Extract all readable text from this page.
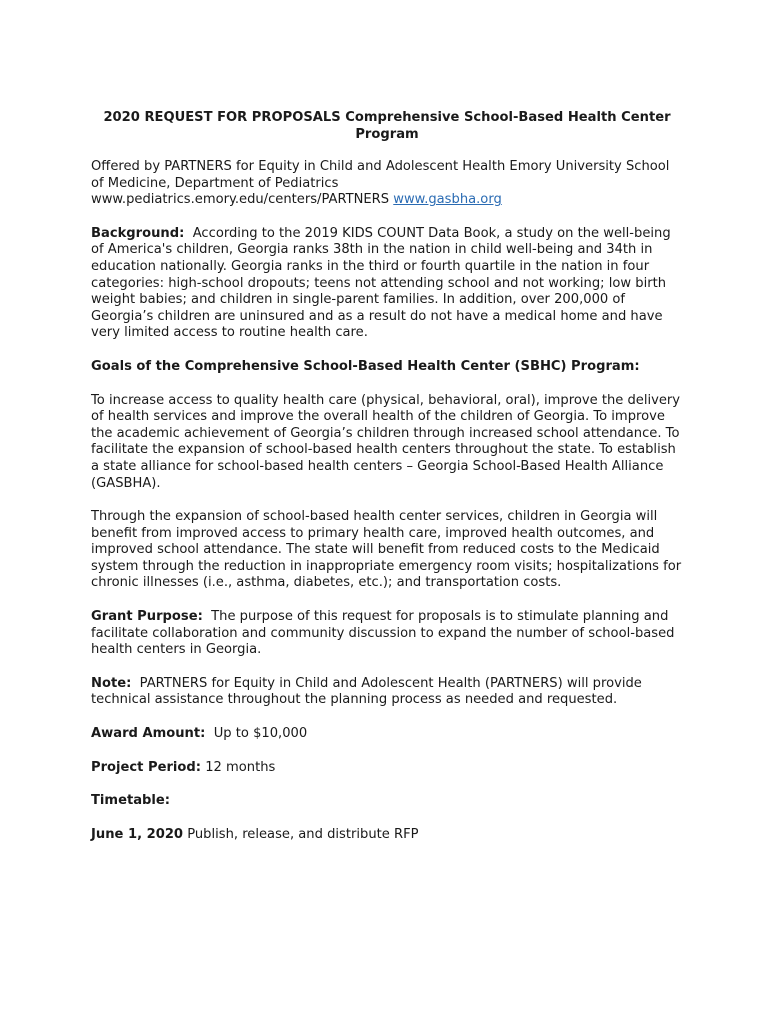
2020 REQUEST FOR PROPOSALS Comprehensive School-Based Health Center Program

Offered by PARTNERS for Equity in Child and Adolescent Health Emory University School of Medicine, Department of Pediatrics
www.pediatrics.emory.edu/centers/PARTNERS www.gasbha.org

Background: According to the 2019 KIDS COUNT Data Book, a study on the well-being of America's children, Georgia ranks 38th in the nation in child well-being and 34th in education nationally. Georgia ranks in the third or fourth quartile in the nation in four categories: high-school dropouts; teens not attending school and not working; low birth weight babies; and children in single-parent families. In addition, over 200,000 of Georgia’s children are uninsured and as a result do not have a medical home and have very limited access to routine health care.

Goals of the Comprehensive School-Based Health Center (SBHC) Program:

To increase access to quality health care (physical, behavioral, oral), improve the delivery of health services and improve the overall health of the children of Georgia. To improve the academic achievement of Georgia’s children through increased school attendance. To facilitate the expansion of school-based health centers throughout the state. To establish a state alliance for school-based health centers – Georgia School-Based Health Alliance (GASBHA).

Through the expansion of school-based health center services, children in Georgia will benefit from improved access to primary health care, improved health outcomes, and improved school attendance. The state will benefit from reduced costs to the Medicaid system through the reduction in inappropriate emergency room visits; hospitalizations for chronic illnesses (i.e., asthma, diabetes, etc.); and transportation costs.

Grant Purpose: The purpose of this request for proposals is to stimulate planning and facilitate collaboration and community discussion to expand the number of school-based health centers in Georgia.

Note: PARTNERS for Equity in Child and Adolescent Health (PARTNERS) will provide technical assistance throughout the planning process as needed and requested.

Award Amount: Up to $10,000

Project Period: 12 months

Timetable:

June 1, 2020 Publish, release, and distribute RFP
